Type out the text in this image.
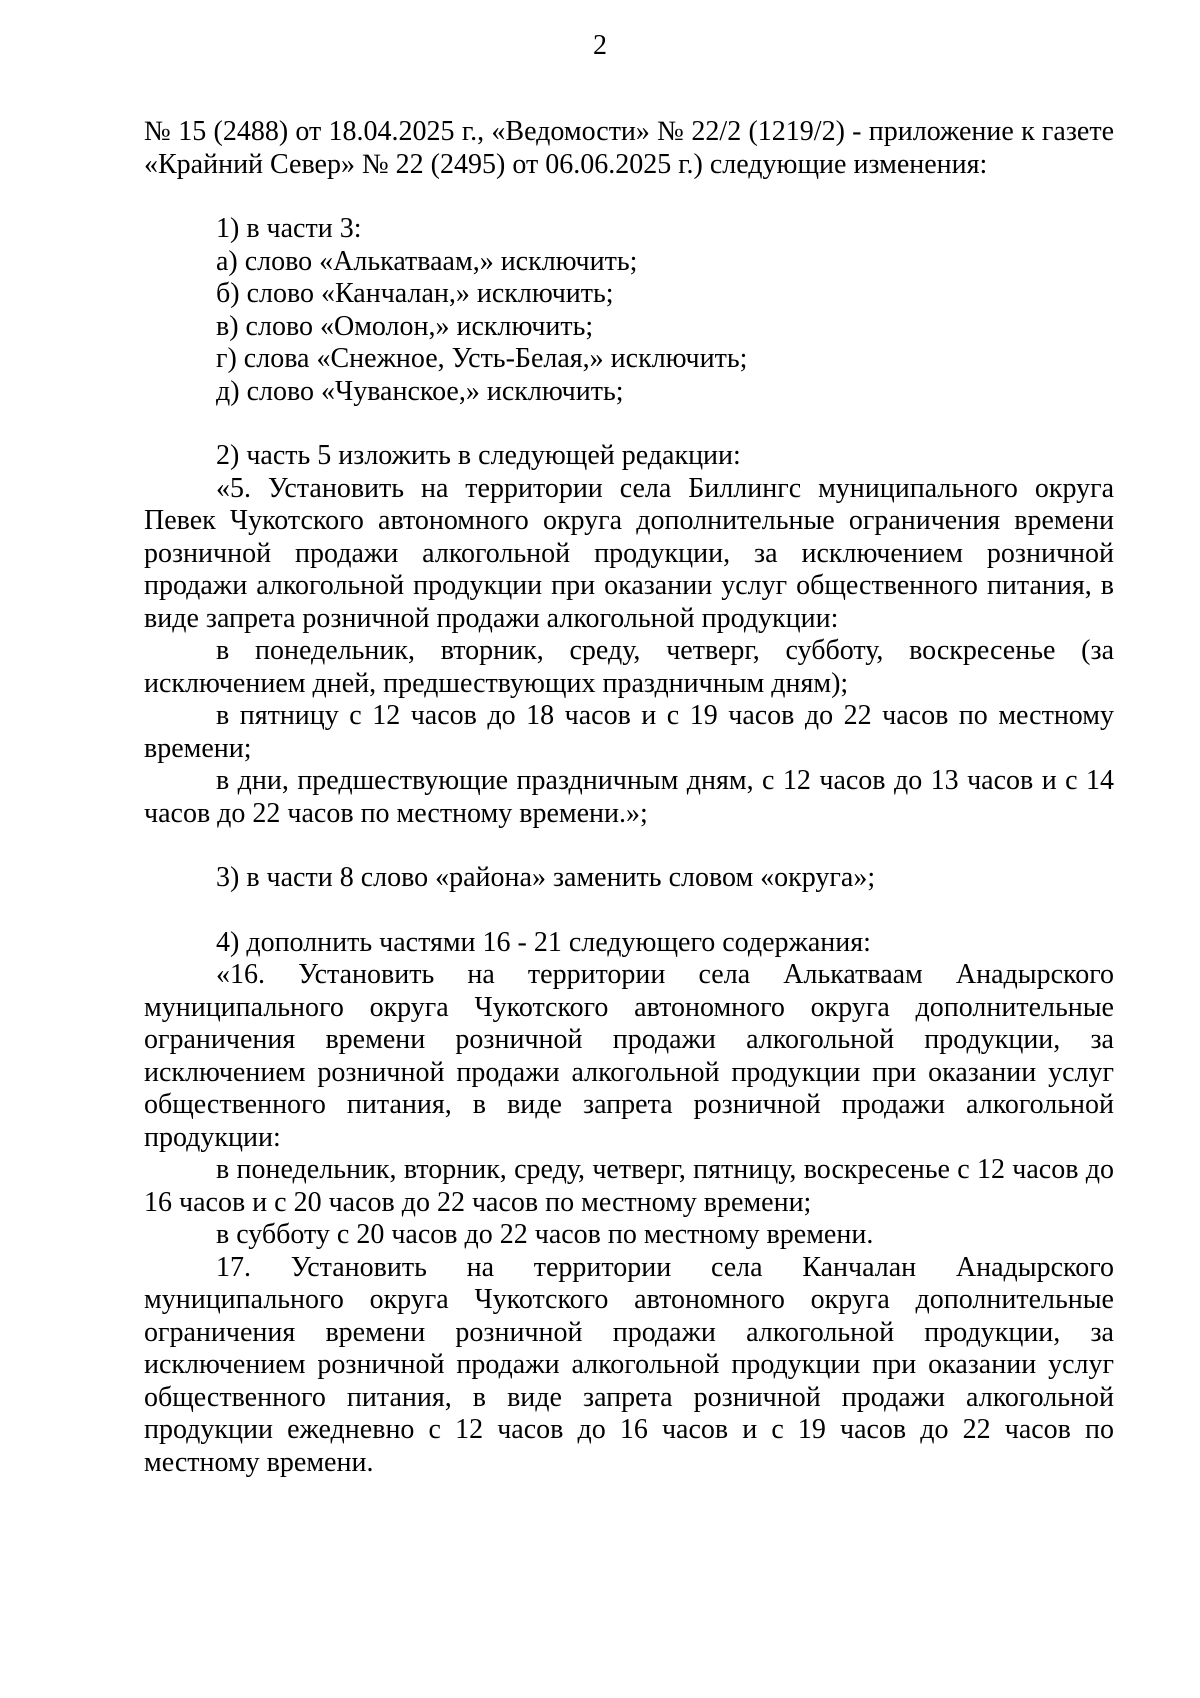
2

№ 15 (2488) от 18.04.2025 г., «Ведомости» № 22/2 (1219/2) - приложение к газете «Крайний Север» № 22 (2495) от 06.06.2025 г.) следующие изменения:

1) в части 3:

а) слово «Алькатваам,» исключить;

б) слово «Канчалан,» исключить;

в) слово «Омолон,» исключить;

г) слова «Снежное, Усть-Белая,» исключить;

д) слово «Чуванское,» исключить;

2) часть 5 изложить в следующей редакции:

«5. Установить на территории села Биллингс муниципального округа Певек Чукотского автономного округа дополнительные ограничения времени розничной продажи алкогольной продукции, за исключением розничной продажи алкогольной продукции при оказании услуг общественного питания, в виде запрета розничной продажи алкогольной продукции:

в понедельник, вторник, среду, четверг, субботу, воскресенье (за исключением дней, предшествующих праздничным дням);

в пятницу с 12 часов до 18 часов и с 19 часов до 22 часов по местному времени;

в дни, предшествующие праздничным дням, с 12 часов до 13 часов и с 14 часов до 22 часов по местному времени.»;

3) в части 8 слово «района» заменить словом «округа»;

4) дополнить частями 16 - 21 следующего содержания:

«16. Установить на территории села Алькатваам Анадырского муниципального округа Чукотского автономного округа дополнительные ограничения времени розничной продажи алкогольной продукции, за исключением розничной продажи алкогольной продукции при оказании услуг общественного питания, в виде запрета розничной продажи алкогольной продукции:

в понедельник, вторник, среду, четверг, пятницу, воскресенье с 12 часов до 16 часов и с 20 часов до 22 часов по местному времени;

в субботу с 20 часов до 22 часов по местному времени.

17. Установить на территории села Канчалан Анадырского муниципального округа Чукотского автономного округа дополнительные ограничения времени розничной продажи алкогольной продукции, за исключением розничной продажи алкогольной продукции при оказании услуг общественного питания, в виде запрета розничной продажи алкогольной продукции ежедневно с 12 часов до 16 часов и с 19 часов до 22 часов по местному времени.
